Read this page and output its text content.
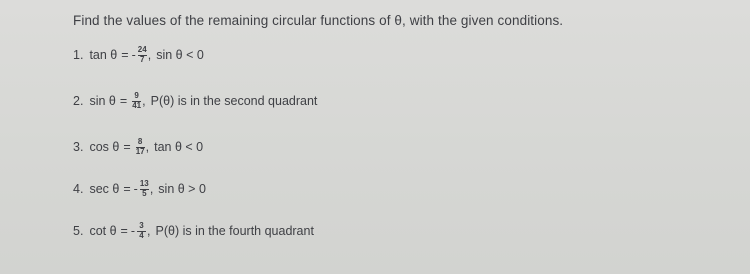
Find the values of the remaining circular functions of θ, with the given conditions.
1. tan θ = - $\frac{24}{7}$ , sin θ < 0
2. $\sin \theta = \frac{9}{41}$ , P(θ) is in the second quadrant
3. $\cos \theta = \frac{8}{17}$ , tan θ < 0
4. sec θ = - $\frac{13}{5}$ , sin θ > 0
5. cot θ = - $\frac{3}{4}$ , P(θ) is in the fourth quadrant
